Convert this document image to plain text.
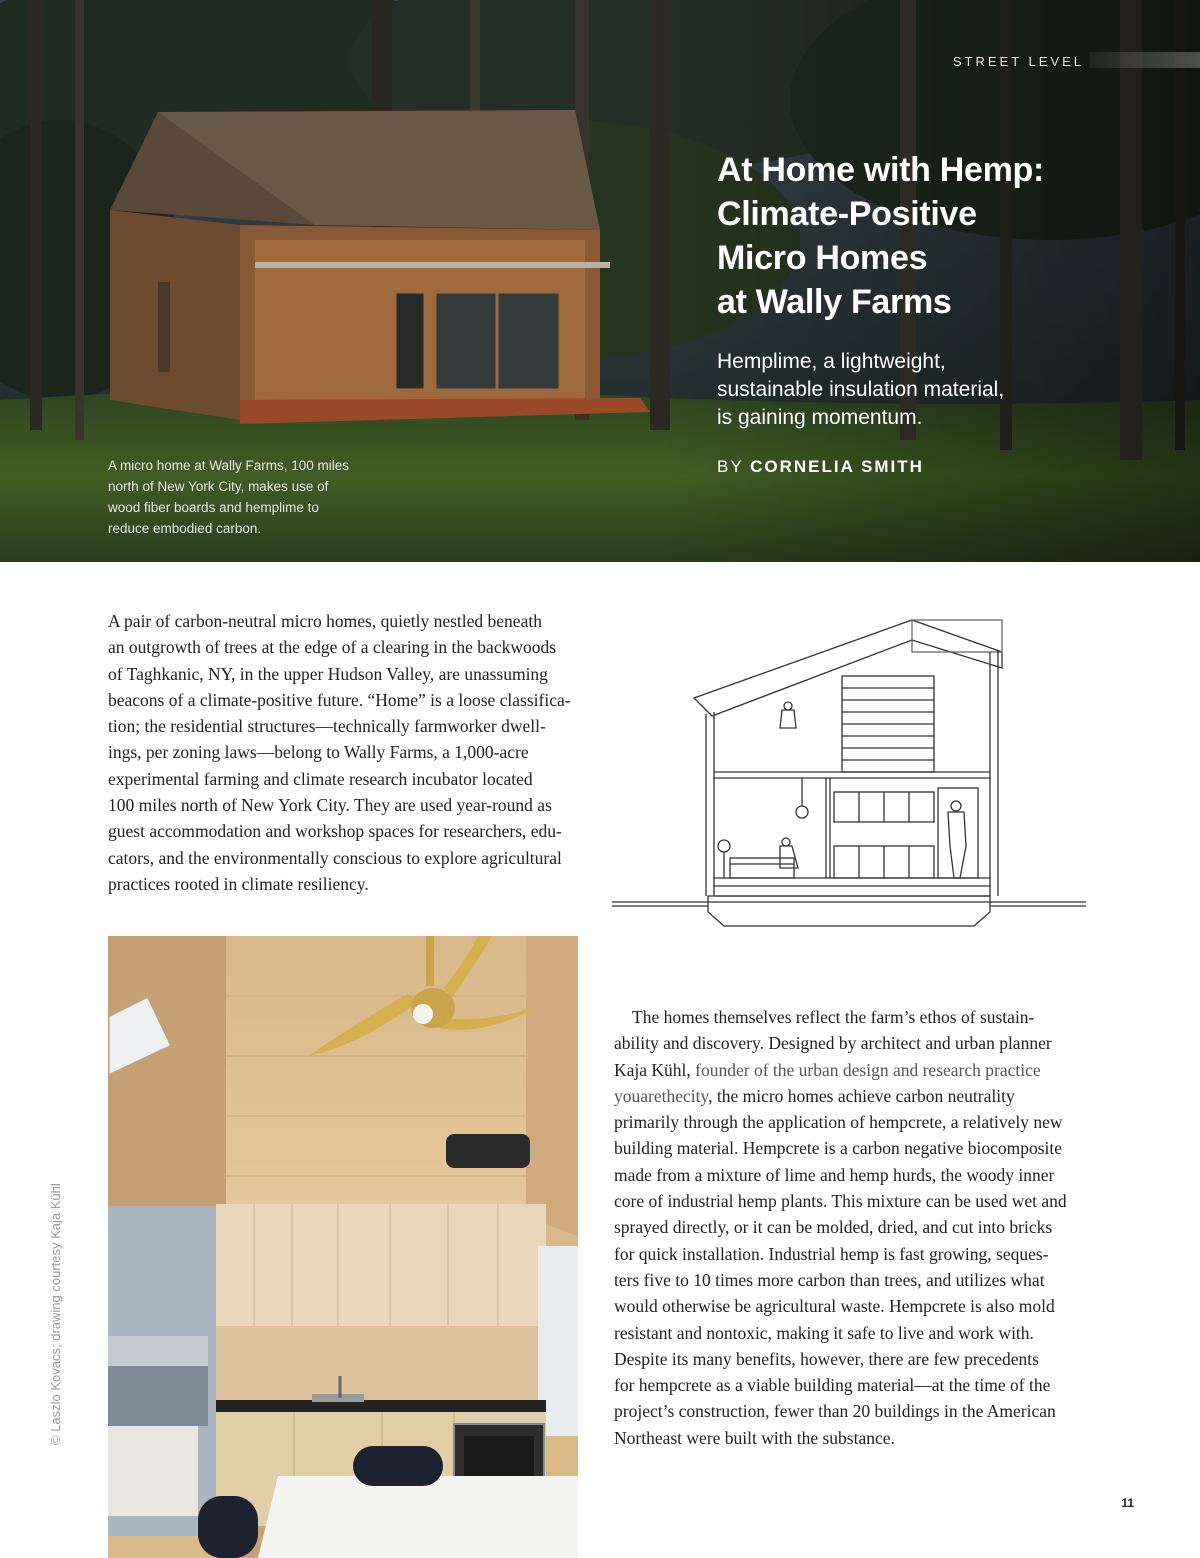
STREET LEVEL
At Home with Hemp:
Climate-Positive
Micro Homes
at Wally Farms
Hemplime, a lightweight,
sustainable insulation material,
is gaining momentum.
BY CORNELIA SMITH
A micro home at Wally Farms, 100 miles
north of New York City, makes use of
wood fiber boards and hemplime to
reduce embodied carbon.
A pair of carbon-neutral micro homes, quietly nestled beneath
an outgrowth of trees at the edge of a clearing in the backwoods
of Taghkanic, NY, in the upper Hudson Valley, are unassuming
beacons of a climate-positive future. “Home” is a loose classifica-
tion; the residential structures—technically farmworker dwell-
ings, per zoning laws—belong to Wally Farms, a 1,000-acre
experimental farming and climate research incubator located
100 miles north of New York City. They are used year-round as
guest accommodation and workshop spaces for researchers, edu-
cators, and the environmentally conscious to explore agricultural
practices rooted in climate resiliency.
The homes themselves reflect the farm’s ethos of sustain-
ability and discovery. Designed by architect and urban planner
Kaja Kühl, founder of the urban design and research practice
youarethecity, the micro homes achieve carbon neutrality
primarily through the application of hempcrete, a relatively new
building material. Hempcrete is a carbon negative biocomposite
made from a mixture of lime and hemp hurds, the woody inner
core of industrial hemp plants. This mixture can be used wet and
sprayed directly, or it can be molded, dried, and cut into bricks
for quick installation. Industrial hemp is fast growing, seques-
ters five to 10 times more carbon than trees, and utilizes what
would otherwise be agricultural waste. Hempcrete is also mold
resistant and nontoxic, making it safe to live and work with.
Despite its many benefits, however, there are few precedents
for hempcrete as a viable building material—at the time of the
project’s construction, fewer than 20 buildings in the American
Northeast were built with the substance.
© Laszlo Kovacs; drawing courtesy Kaja Kühl
11
